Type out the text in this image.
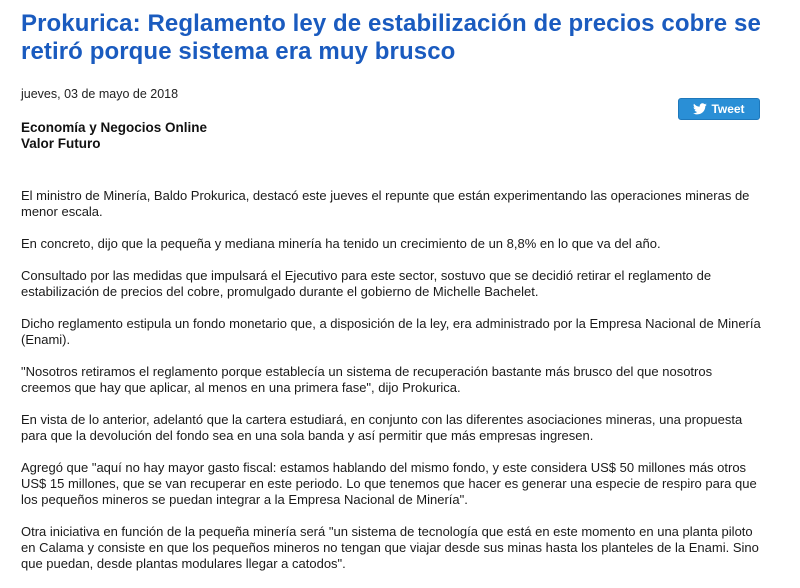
Prokurica: Reglamento ley de estabilización de precios cobre se retiró porque sistema era muy brusco
jueves, 03 de mayo de 2018
Economía y Negocios Online
Valor Futuro

El ministro de Minería, Baldo Prokurica, destacó este jueves el repunte que están experimentando las operaciones mineras de menor escala.

En concreto, dijo que la pequeña y mediana minería ha tenido un crecimiento de un 8,8% en lo que va del año.

Consultado por las medidas que impulsará el Ejecutivo para este sector, sostuvo que se decidió retirar el reglamento de estabilización de precios del cobre, promulgado durante el gobierno de Michelle Bachelet.

Dicho reglamento estipula un fondo monetario que, a disposición de la ley, era administrado por la Empresa Nacional de Minería (Enami).

"Nosotros retiramos el reglamento porque establecía un sistema de recuperación bastante más brusco del que nosotros creemos que hay que aplicar, al menos en una primera fase", dijo Prokurica.

En vista de lo anterior, adelantó que la cartera estudiará, en conjunto con las diferentes asociaciones mineras, una propuesta para que la devolución del fondo sea en una sola banda y así permitir que más empresas ingresen.

Agregó que "aquí no hay mayor gasto fiscal: estamos hablando del mismo fondo, y este considera US$ 50 millones más otros US$ 15 millones, que se van recuperar en este periodo. Lo que tenemos que hacer es generar una especie de respiro para que los pequeños mineros se puedan integrar a la Empresa Nacional de Minería".

Otra iniciativa en función de la pequeña minería será "un sistema de tecnología que está en este momento en una planta piloto en Calama y consiste en que los pequeños mineros no tengan que viajar desde sus minas hasta los planteles de la Enami. Sino que puedan, desde plantas modulares llegar a catodos".

Tweet
